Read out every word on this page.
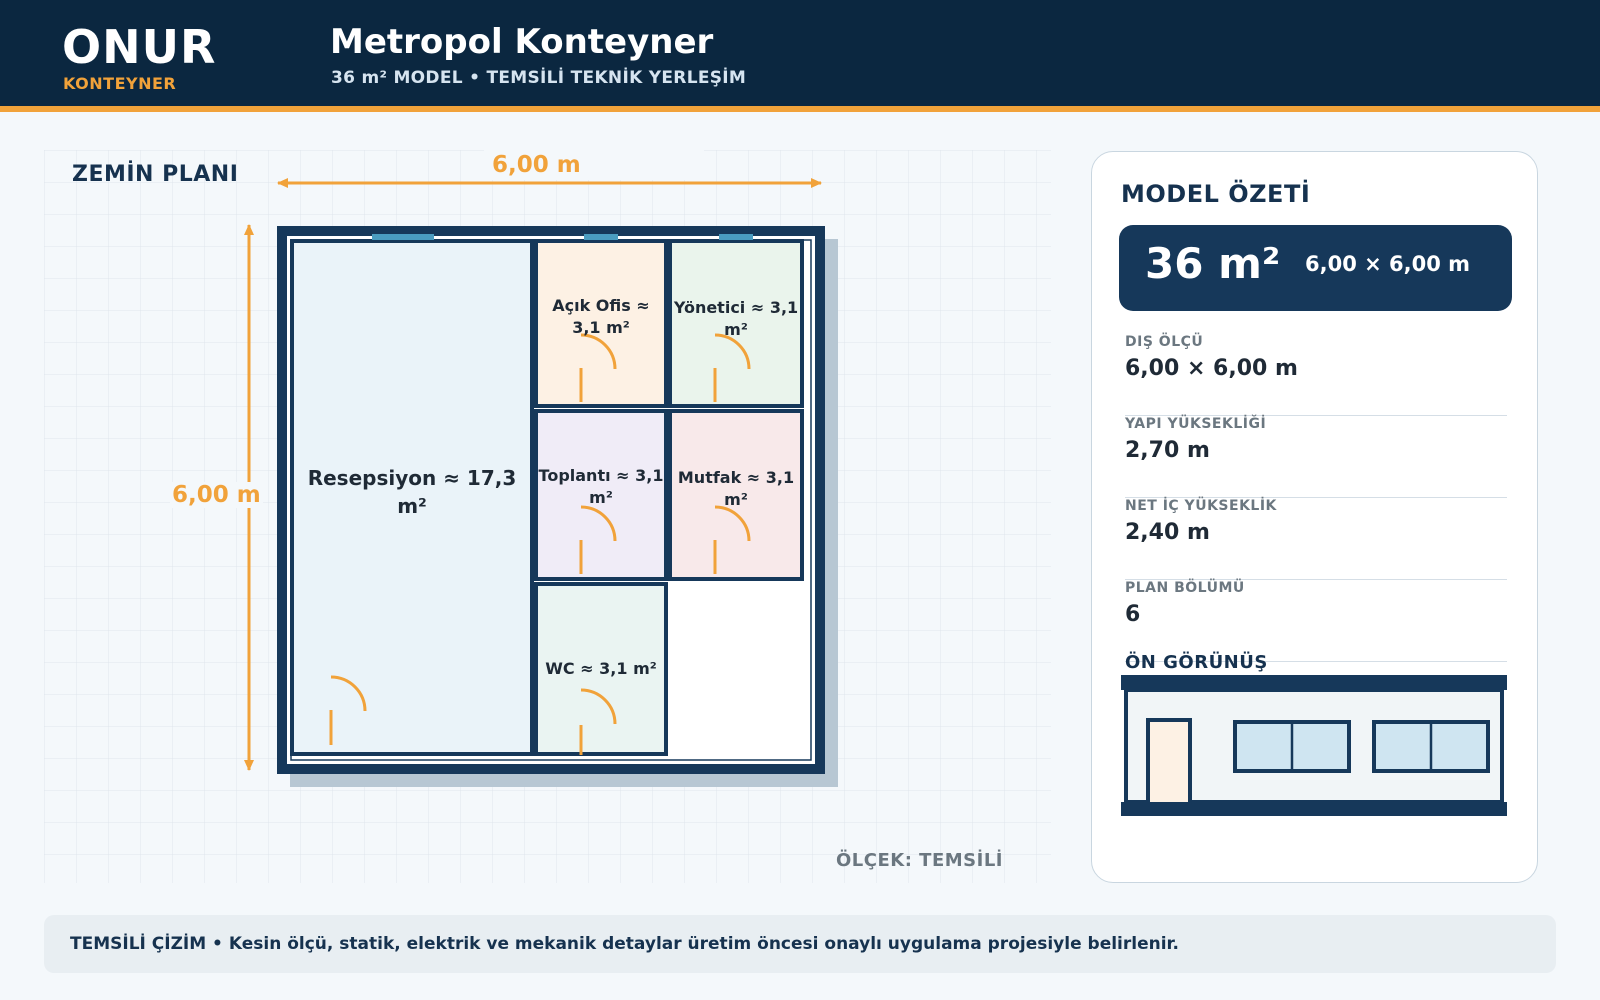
ONUR
KONTEYNER
Metropol Konteyner
36 m² MODEL • TEMSİLİ TEKNİK YERLEŞİM
ZEMİN PLANI	6,00 m
6,00 m
Resepsiyon ≈ 17,3 m²
Açık Ofis ≈ 3,1 m²
Yönetici ≈ 3,1 m²
Toplantı ≈ 3,1 m²
Mutfak ≈ 3,1 m²
WC ≈ 3,1 m²
ÖLÇEK: TEMSİLİ
MODEL ÖZETİ
36 m² 6,00 × 6,00 m
DIŞ ÖLÇÜ
6,00 × 6,00 m
YAPI YÜKSEKLİĞİ
2,70 m
NET İÇ YÜKSEKLİK
2,40 m
PLAN BÖLÜMÜ
6
ÖN GÖRÜNÜŞ
TEMSİLİ ÇİZİM • Kesin ölçü, statik, elektrik ve mekanik detaylar üretim öncesi onaylı uygulama projesiyle belirlenir.
